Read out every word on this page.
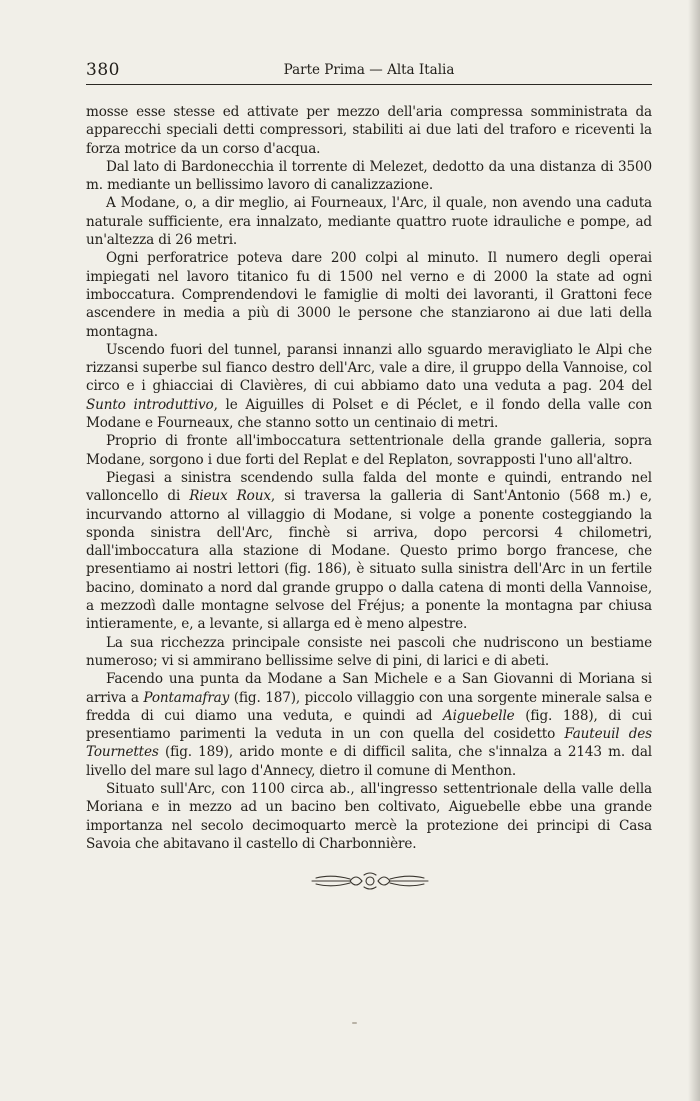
380	Parte Prima — Alta Italia

mosse esse stesse ed attivate per mezzo dell'aria compressa somministrata da apparecchi speciali detti compressori, stabiliti ai due lati del traforo e riceventi la forza motrice da un corso d'acqua.

Dal lato di Bardonecchia il torrente di Melezet, dedotto da una distanza di 3500 m. mediante un bellissimo lavoro di canalizzazione.

A Modane, o, a dir meglio, ai Fourneaux, l'Arc, il quale, non avendo una caduta naturale sufficiente, era innalzato, mediante quattro ruote idrauliche e pompe, ad un'altezza di 26 metri.

Ogni perforatrice poteva dare 200 colpi al minuto. Il numero degli operai impiegati nel lavoro titanico fu di 1500 nel verno e di 2000 la state ad ogni imboccatura. Comprendendovi le famiglie di molti dei lavoranti, il Grattoni fece ascendere in media a più di 3000 le persone che stanziarono ai due lati della montagna.

Uscendo fuori del tunnel, paransi innanzi allo sguardo meravigliato le Alpi che rizzansi superbe sul fianco destro dell'Arc, vale a dire, il gruppo della Vannoise, col circo e i ghiacciai di Clavières, di cui abbiamo dato una veduta a pag. 204 del Sunto introduttivo, le Aiguilles di Polset e di Péclet, e il fondo della valle con Modane e Fourneaux, che stanno sotto un centinaio di metri.

Proprio di fronte all'imboccatura settentrionale della grande galleria, sopra Modane, sorgono i due forti del Replat e del Replaton, sovrapposti l'uno all'altro.

Piegasi a sinistra scendendo sulla falda del monte e quindi, entrando nel valloncello di Rieux Roux, si traversa la galleria di Sant'Antonio (568 m.) e, incurvando attorno al villaggio di Modane, si volge a ponente costeggiando la sponda sinistra dell'Arc, finchè si arriva, dopo percorsi 4 chilometri, dall'imboccatura alla stazione di Modane. Questo primo borgo francese, che presentiamo ai nostri lettori (fig. 186), è situato sulla sinistra dell'Arc in un fertile bacino, dominato a nord dal grande gruppo o dalla catena di monti della Vannoise, a mezzodì dalle montagne selvose del Fréjus; a ponente la montagna par chiusa intieramente, e, a levante, si allarga ed è meno alpestre.

La sua ricchezza principale consiste nei pascoli che nudriscono un bestiame numeroso; vi si ammirano bellissime selve di pini, di larici e di abeti.

Facendo una punta da Modane a San Michele e a San Giovanni di Moriana si arriva a Pontamafray (fig. 187), piccolo villaggio con una sorgente minerale salsa e fredda di cui diamo una veduta, e quindi ad Aiguebelle (fig. 188), di cui presentiamo parimenti la veduta in un con quella del cosidetto Fauteuil des Tournettes (fig. 189), arido monte e di difficil salita, che s'innalza a 2143 m. dal livello del mare sul lago d'Annecy, dietro il comune di Menthon.

Situato sull'Arc, con 1100 circa ab., all'ingresso settentrionale della valle della Moriana e in mezzo ad un bacino ben coltivato, Aiguebelle ebbe una grande importanza nel secolo decimoquarto mercè la protezione dei principi di Casa Savoia che abitavano il castello di Charbonnière.
